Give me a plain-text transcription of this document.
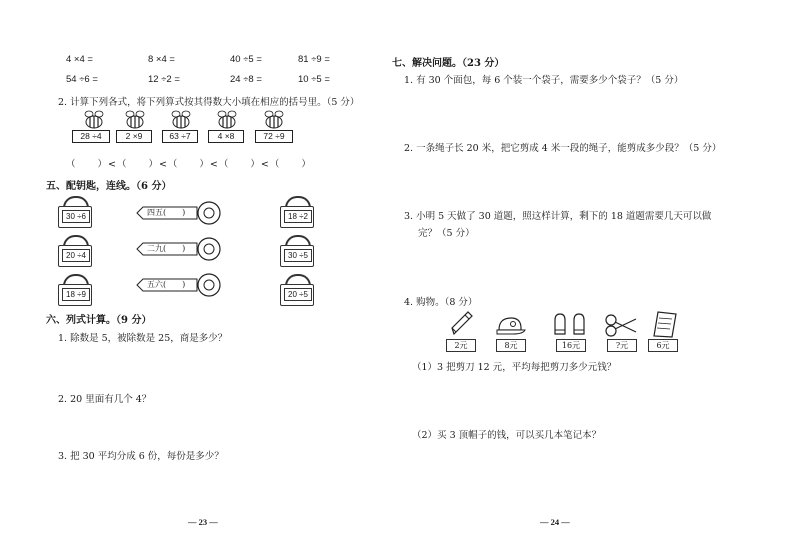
4 ×4 =	8 ×4 =	40 ÷5 =	81 ÷9 =
54 ÷6 =	12 ÷2 =	24 ÷8 =	10 ÷5 =
2. 计算下列各式，将下列算式按其得数大小填在相应的括号里。（5 分）
28 ÷4	2 ×9	63 ÷7	4 ×8	72 ÷9
（　　）<（　　）<（　　）<（　　）<（　　）
五、配钥匙，连线。（6 分）
30 ÷6
20 ÷4
18 ÷9
四五(　　)
二九(　　)
五六(　　)
18 ÷2
30 ÷5
20 ÷5
六、列式计算。（9 分）
1. 除数是 5，被除数是 25，商是多少？
2. 20 里面有几个 4？
3. 把 30 平均分成 6 份，每份是多少？
— 23 —
七、解决问题。（23 分）
1. 有 30 个面包，每 6 个装一个袋子，需要多少个袋子？（5 分）
2. 一条绳子长 20 米，把它剪成 4 米一段的绳子，能剪成多少段？（5 分）
3. 小明 5 天做了 30 道题，照这样计算，剩下的 18 道题需要几天可以做
完？（5 分）
4. 购物。（8 分）
2元	8元	16元	?元	6元
（1）3 把剪刀 12 元，平均每把剪刀多少元钱？
（2）买 3 顶帽子的钱，可以买几本笔记本？
— 24 —
